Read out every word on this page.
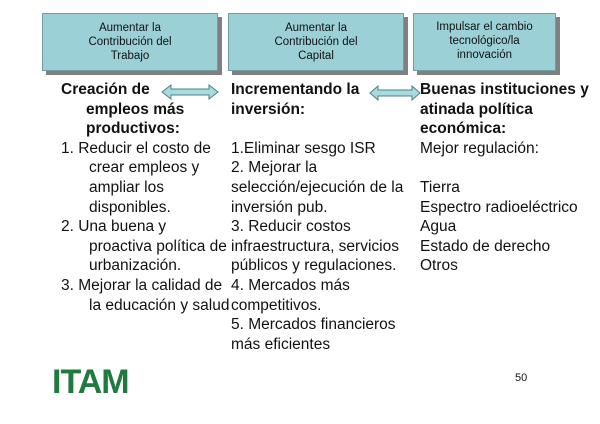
Aumentar la
Contribución del
Trabajo
Aumentar la
Contribución del
Capital
Impulsar el cambio
tecnológico/la
innovación
Creación de
empleos más productivos:
1. Reducir el costo de crear empleos y ampliar los disponibles.
2. Una buena y proactiva política de urbanización.
3. Mejorar la calidad de la educación y salud
Incrementando la inversión:
1.Eliminar sesgo ISR
2. Mejorar la selección/ejecución de la inversión pub.
3. Reducir costos infraestructura, servicios públicos y regulaciones.
4. Mercados más competitivos.
5. Mercados financieros más eficientes
Buenas instituciones y atinada política económica:
Mejor regulación:
Tierra
Espectro radioeléctrico
Agua
Estado de derecho
Otros
ITAM	50
